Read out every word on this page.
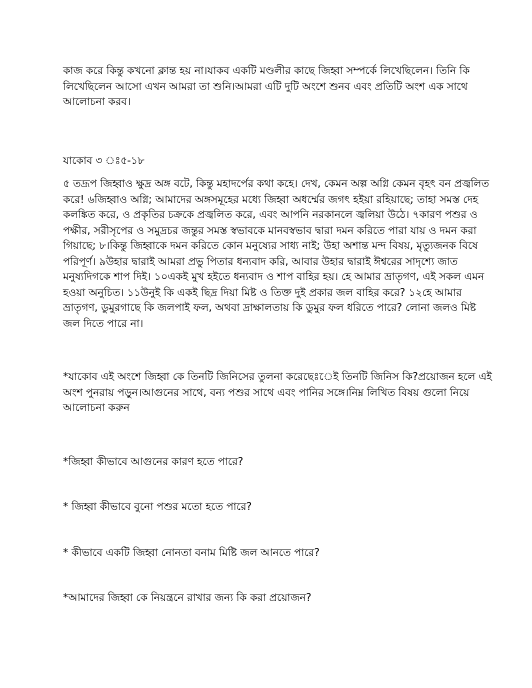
কাজ করে কিন্তু কখনো ক্লান্ত হয় না।যাকব একটি মণ্ডলীর কাছে জিহ্বা সম্পর্কে লিখেছিলেন। তিনি কি লিখেছিলেন আসো এখন আমরা তা শুনি।আমরা এটি দুটি অংশে শুনব এবং প্রতিটি অংশ এক সাথে আলোচনা করব।

যাকোব ৩ ঃ৫-১৮

৫ তদ্রূপ জিহ্বাও ক্ষুদ্র অঙ্গ বটে, কিন্তু মহাদর্পের কথা কহে। দেখ, কেমন অল্প অগ্নি কেমন বৃহৎ বন প্রজ্বলিত করে! ৬জিহ্বাও অগ্নি; আমাদের অঙ্গসমূহের মধ্যে জিহ্বা অধর্ম্মের জগৎ হইয়া রহিয়াছে; তাহা সমস্ত দেহ কলঙ্কিত করে, ও প্রকৃতির চক্রকে প্রজ্বলিত করে, এবং আপনি নরকানলে জ্বলিয়া উঠে। ৭কারণ পশুর ও পক্ষীর, সরীসৃপের ও সমুদ্রচর জন্তুর সমস্ত স্বভাবকে মানবস্বভাব দ্বারা দমন করিতে পারা যায় ও দমন করা গিয়াছে; ৮।কিন্তু জিহ্বাকে দমন করিতে কোন মনুষ্যের সাধ্য নাই; উহা অশান্ত মন্দ বিষয়, মৃত্যুজনক বিষে পরিপূর্ণ। ৯উহার দ্বারাই আমরা প্রভু পিতার ধন্যবাদ করি, আবার উহার দ্বারাই ঈশ্বরের সাদৃশ্যে জাত মনুষ্যদিগকে শাপ দিই। ১০একই মুখ হইতে ধন্যবাদ ও শাপ বাহির হয়। হে আমার ভ্রাতৃগণ, এই সকল এমন হওয়া অনুচিত। ১১উনুই কি একই ছিদ্র দিয়া মিষ্ট ও তিক্ত দুই প্রকার জল বাহির করে? ১২হে আমার ভ্রাতৃগণ, ডুমুরগাছে কি জলপাই ফল, অথবা দ্রাক্ষালতায় কি ডুমুর ফল ধরিতে পারে? লোনা জলও মিষ্ট জল দিতে পারে না।

*যাকোব এই অংশে জিহ্বা কে তিনটি জিনিসের তুলনা করেছেঃেই তিনটি জিনিস কি?প্রয়োজন হলে এই অংশ পুনরায় পড়ুন।আগুনের সাথে, বন্য পশুর সাথে এবং পানির সঙ্গে।নিম্ন লিখিত বিষয় গুলো নিয়ে আলোচনা করুন

*জিহ্বা কীভাবে আগুনের কারণ হতে পারে?

* জিহ্বা কীভাবে বুনো পশুর মতো হতে পারে?

* কীভাবে একটি জিহ্বা নোনতা বনাম মিষ্টি জল আনতে পারে?

*আমাদের জিহ্বা কে নিয়ন্ত্রনে রাখার জন্য কি করা প্রয়োজন?
